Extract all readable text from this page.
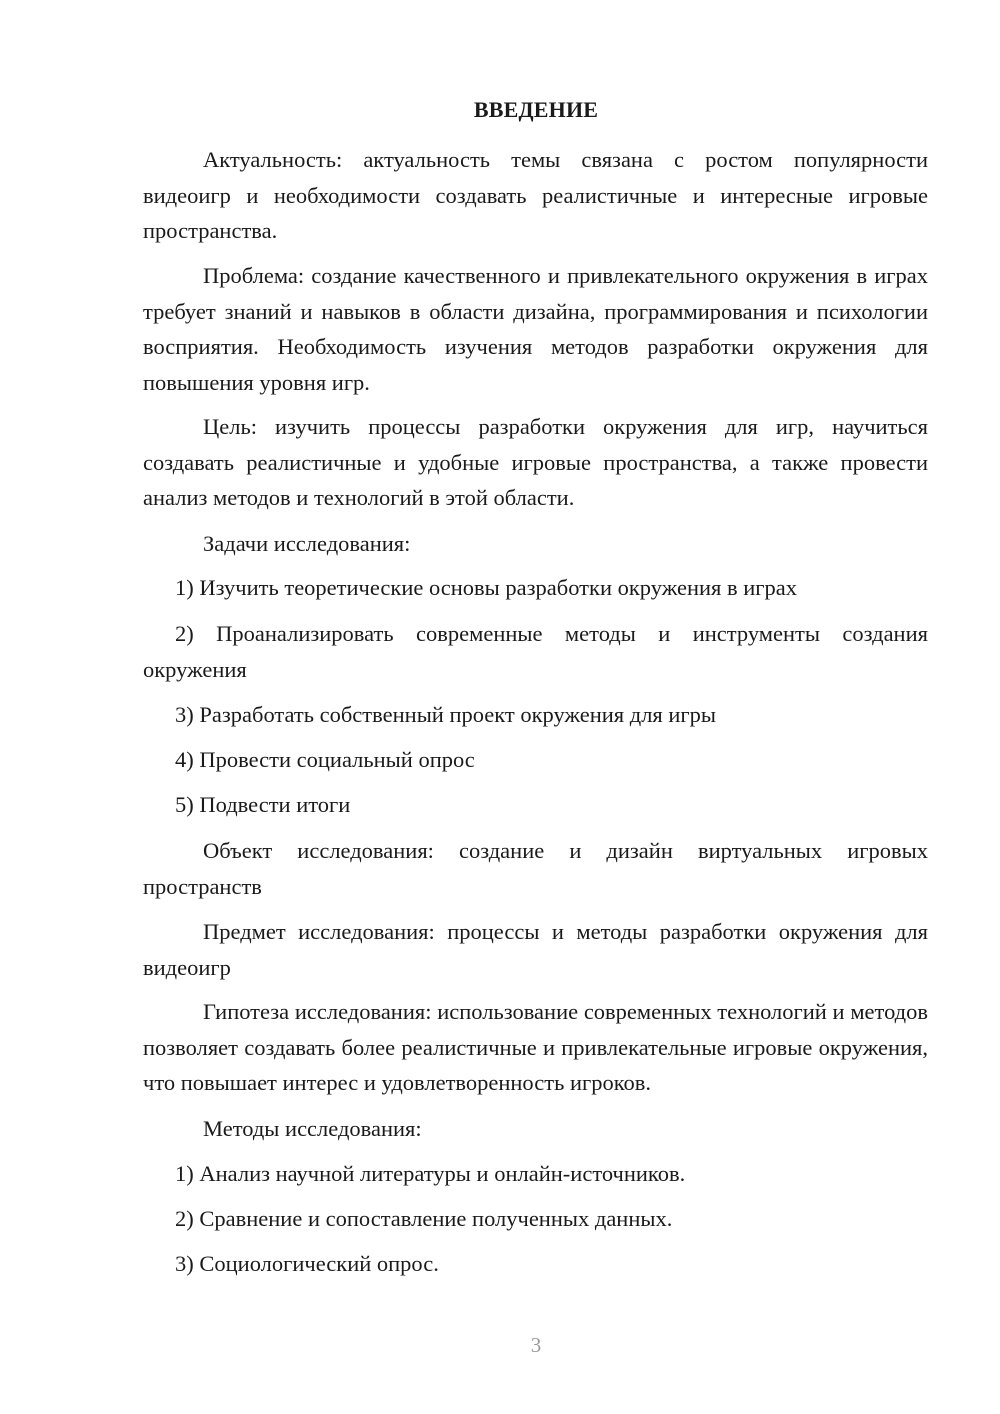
ВВЕДЕНИЕ

Актуальность: актуальность темы связана с ростом популярности видеоигр и необходимости создавать реалистичные и интересные игровые пространства.

Проблема: создание качественного и привлекательного окружения в играх требует знаний и навыков в области дизайна, программирования и психологии восприятия. Необходимость изучения методов разработки окружения для повышения уровня игр.

Цель: изучить процессы разработки окружения для игр, научиться создавать реалистичные и удобные игровые пространства, а также провести анализ методов и технологий в этой области.

Задачи исследования:

1) Изучить теоретические основы разработки окружения в играх

2) Проанализировать современные методы и инструменты создания окружения

3) Разработать собственный проект окружения для игры

4) Провести социальный опрос

5) Подвести итоги

Объект исследования: создание и дизайн виртуальных игровых пространств

Предмет исследования: процессы и методы разработки окружения для видеоигр

Гипотеза исследования: использование современных технологий и методов позволяет создавать более реалистичные и привлекательные игровые окружения, что повышает интерес и удовлетворенность игроков.

Методы исследования:

1) Анализ научной литературы и онлайн-источников.

2) Сравнение и сопоставление полученных данных.

3) Социологический опрос.

3
